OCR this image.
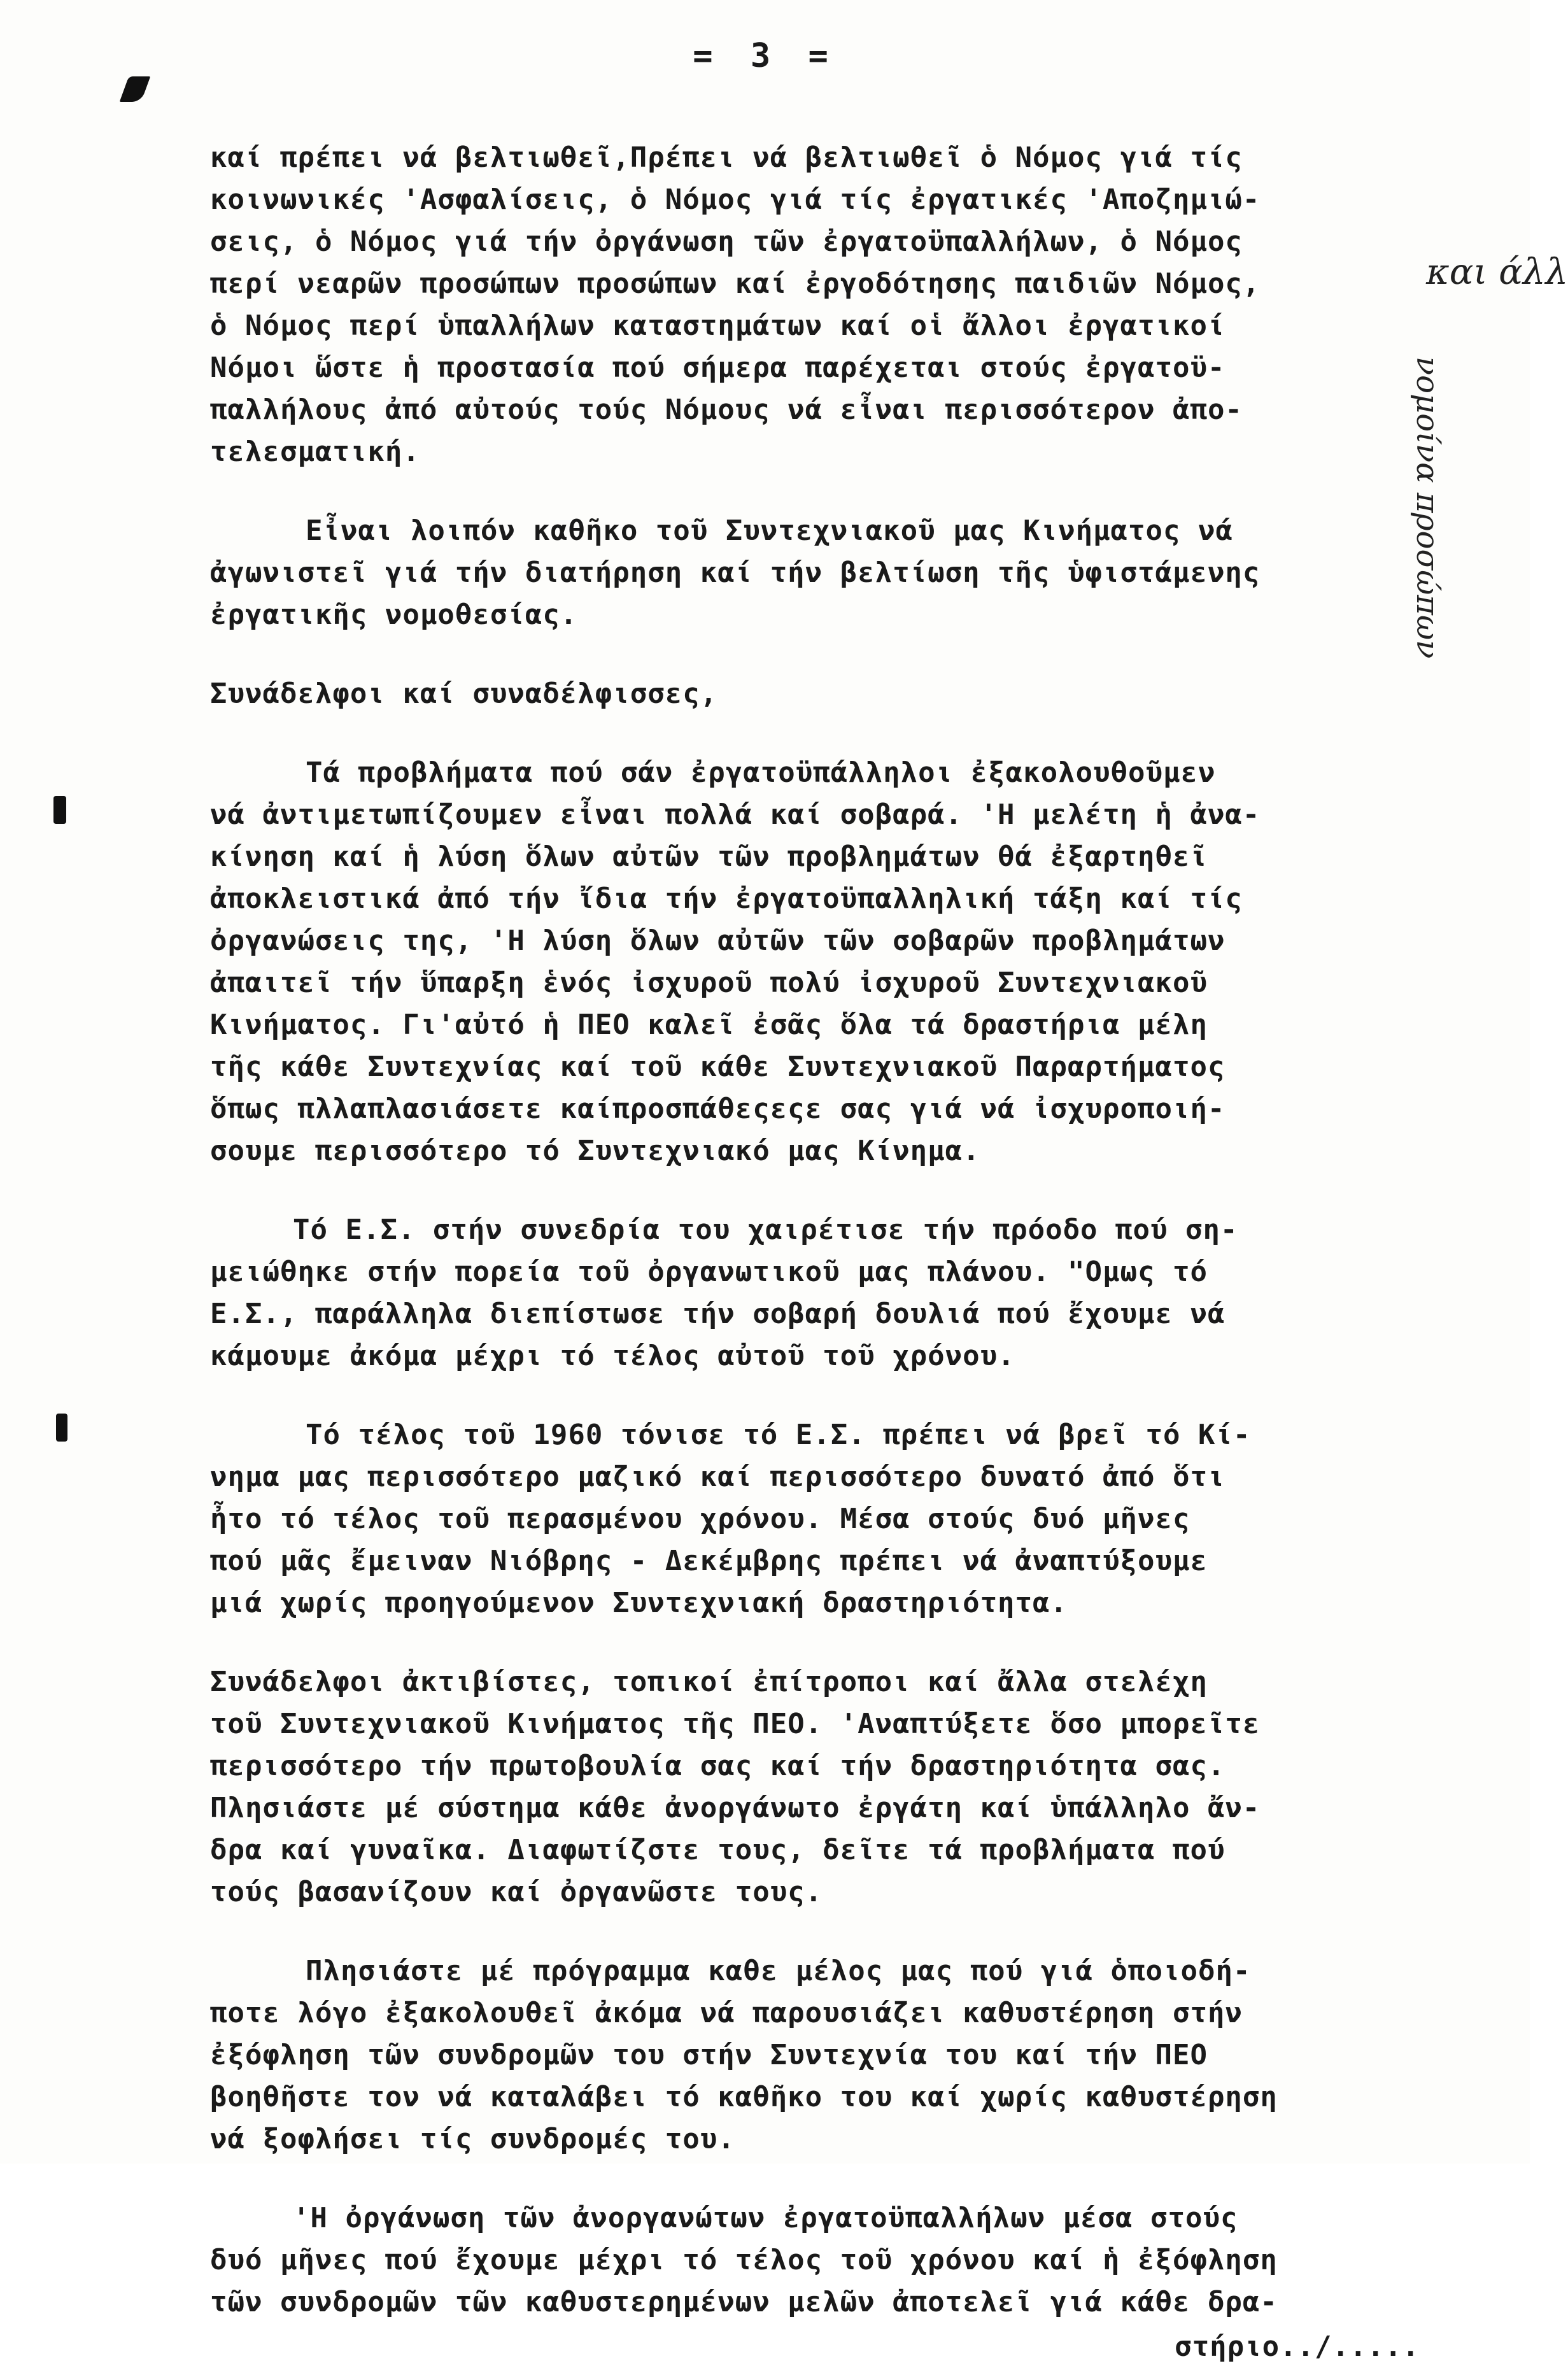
= 3 =
καί πρέπει νά βελτιωθεῖ,Πρέπει νά βελτιωθεῖ ὁ Νόμος γιά τίς
κοινωνικές 'Ασφαλίσεις, ὁ Νόμος γιά τίς ἐργατικές 'Αποζημιώ-
σεις, ὁ Νόμος γιά τήν ὀργάνωση τῶν ἐργατοϋπαλλήλων, ὁ Νόμος
περί νεαρῶν προσώπων προσώπων καί ἐργοδότησης παιδιῶν Νόμος,
ὁ Νόμος περί ὑπαλλήλων καταστημάτων καί οἱ ἄλλοι ἐργατικοί
Νόμοι ὥστε ἡ προστασία πού σήμερα παρέχεται στούς ἐργατοϋ-
παλλήλους ἀπό αὐτούς τούς Νόμους νά εἶναι περισσότερον ἀπο-
τελεσματική.
Εἶναι λοιπόν καθῆκο τοῦ Συντεχνιακοῦ μας Κινήματος νά
ἀγωνιστεῖ γιά τήν διατήρηση καί τήν βελτίωση τῆς ὑφιστάμενης
ἐργατικῆς νομοθεσίας.
Συνάδελφοι καί συναδέλφισσες,
Τά προβλήματα πού σάν ἐργατοϋπάλληλοι ἐξακολουθοῦμεν
νά ἀντιμετωπίζουμεν εἶναι πολλά καί σοβαρά. 'Η μελέτη ἡ ἀνα-
κίνηση καί ἡ λύση ὅλων αὐτῶν τῶν προβλημάτων θά ἐξαρτηθεῖ
ἀποκλειστικά ἀπό τήν ἴδια τήν ἐργατοϋπαλληλική τάξη καί τίς
ὀργανώσεις της, 'Η λύση ὅλων αὐτῶν τῶν σοβαρῶν προβλημάτων
ἀπαιτεῖ τήν ὕπαρξη ἑνός ἰσχυροῦ πολύ ἰσχυροῦ Συντεχνιακοῦ
Κινήματος. Γι'αὐτό ἡ ΠΕΟ καλεῖ ἐσᾶς ὅλα τά δραστήρια μέλη
τῆς κάθε Συντεχνίας καί τοῦ κάθε Συντεχνιακοῦ Παραρτήματος
ὅπως πλλαπλασιάσετε καίπροσπάθεςεςε σας γιά νά ἰσχυροποιή-
σουμε περισσότερο τό Συντεχνιακό μας Κίνημα.
Τό Ε.Σ. στήν συνεδρία του χαιρέτισε τήν πρόοδο πού ση-
μειώθηκε στήν πορεία τοῦ ὀργανωτικοῦ μας πλάνου. "Ομως τό
Ε.Σ., παράλληλα διεπίστωσε τήν σοβαρή δουλιά πού ἔχουμε νά
κάμουμε ἀκόμα μέχρι τό τέλος αὐτοῦ τοῦ χρόνου.
Τό τέλος τοῦ 1960 τόνισε τό Ε.Σ. πρέπει νά βρεῖ τό Κί-
νημα μας περισσότερο μαζικό καί περισσότερο δυνατό ἀπό ὅτι
ἦτο τό τέλος τοῦ περασμένου χρόνου. Μέσα στούς δυό μῆνες
πού μᾶς ἔμειναν Νιόβρης - Δεκέμβρης πρέπει νά ἀναπτύξουμε
μιά χωρίς προηγούμενον Συντεχνιακή δραστηριότητα.
Συνάδελφοι ἀκτιβίστες, τοπικοί ἐπίτροποι καί ἄλλα στελέχη
τοῦ Συντεχνιακοῦ Κινήματος τῆς ΠΕΟ. 'Αναπτύξετε ὅσο μπορεῖτε
περισσότερο τήν πρωτοβουλία σας καί τήν δραστηριότητα σας.
Πλησιάστε μέ σύστημα κάθε ἀνοργάνωτο ἐργάτη καί ὑπάλληλο ἄν-
δρα καί γυναῖκα. Διαφωτίζστε τους, δεῖτε τά προβλήματα πού
τούς βασανίζουν καί ὀργανῶστε τους.
Πλησιάστε μέ πρόγραμμα καθε μέλος μας πού γιά ὁποιοδή-
ποτε λόγο ἐξακολουθεῖ ἀκόμα νά παρουσιάζει καθυστέρηση στήν
ἐξόφληση τῶν συνδρομῶν του στήν Συντεχνία του καί τήν ΠΕΟ
βοηθῆστε τον νά καταλάβει τό καθῆκο του καί χωρίς καθυστέρηση
νά ξοφλήσει τίς συνδρομές του.
'Η ὀργάνωση τῶν ἀνοργανώτων ἐργατοϋπαλλήλων μέσα στούς
δυό μῆνες πού ἔχουμε μέχρι τό τέλος τοῦ χρόνου καί ἡ ἐξόφληση
τῶν συνδρομῶν τῶν καθυστερημένων μελῶν ἀποτελεῖ γιά κάθε δρα-
στήριο../.....
και άλλ
νομοίνα προσώπων
